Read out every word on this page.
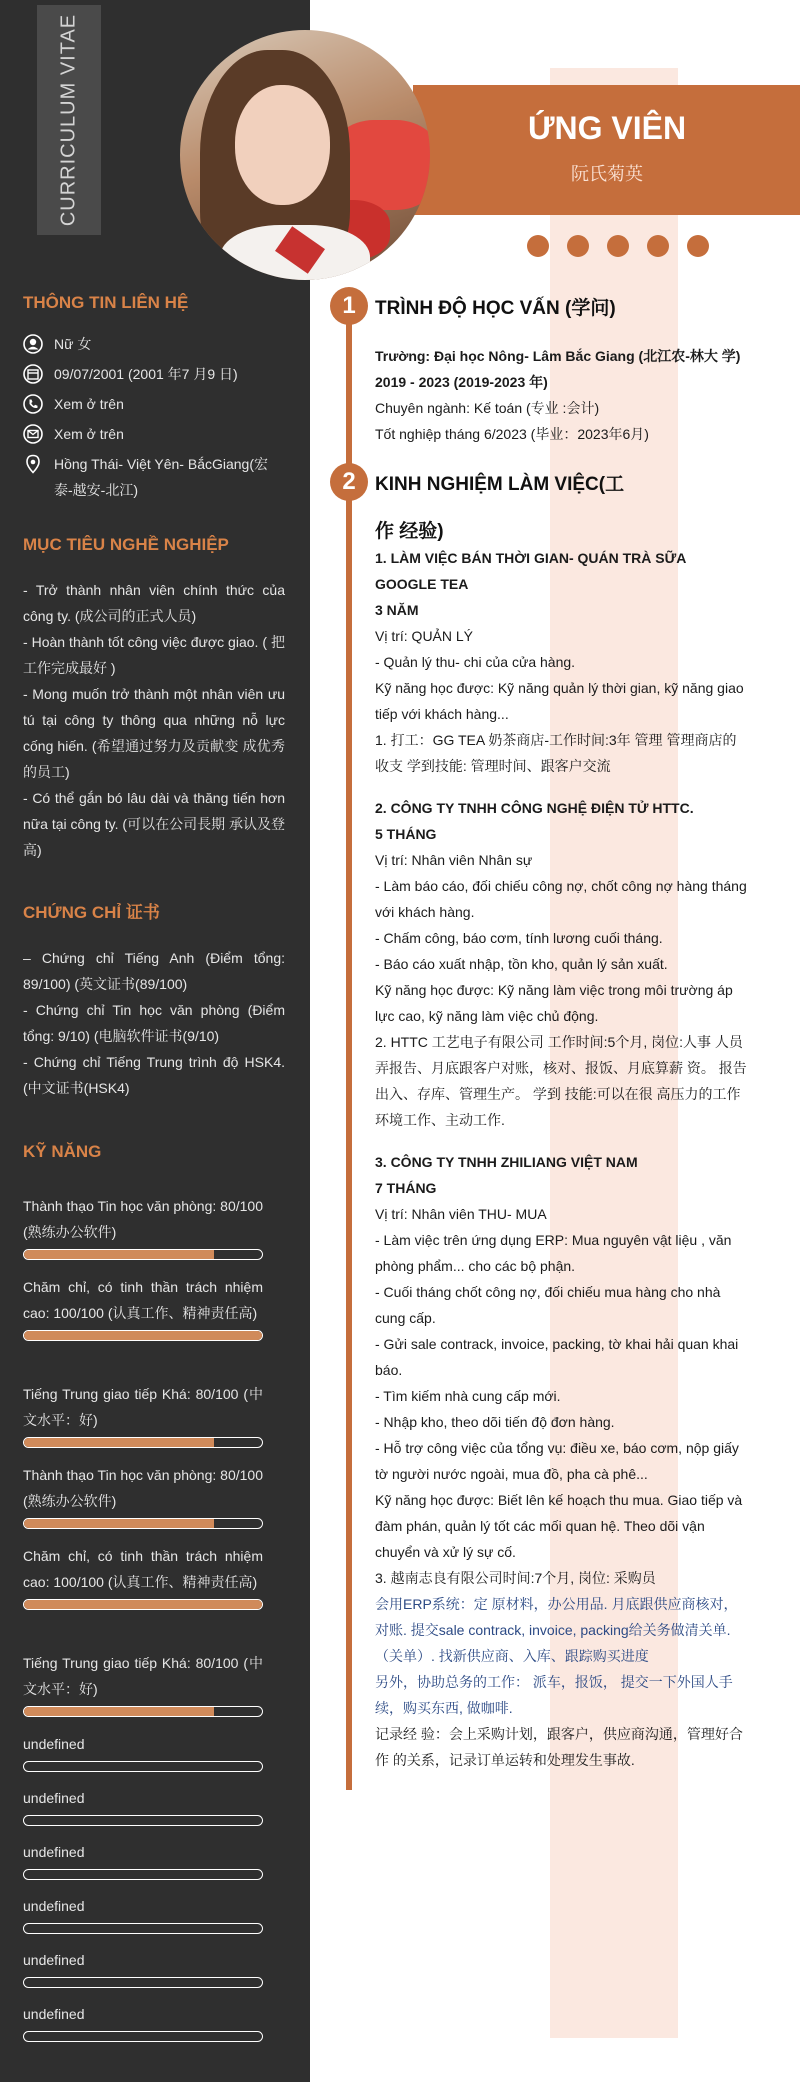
CURRICULUM VITAE	ỨNG VIÊN
阮氏菊英
THÔNG TIN LIÊN HỆ
Nữ 女
09/07/2001 (2001 年7 月9 日)
Xem ở trên
Xem ở trên
Hồng Thái- Việt Yên- BắcGiang(宏泰-越安-北江)
MỤC TIÊU NGHỀ NGHIỆP

- Trở thành nhân viên chính thức của công ty. (成公司的正式人员)

- Hoàn thành tốt công việc được giao. ( 把工作完成最好 )

- Mong muốn trở thành một nhân viên ưu tú tại công ty thông qua những nỗ lực cống hiến. (希望通过努力及贡献变 成优秀的员工)

- Có thể gắn bó lâu dài và thăng tiến hơn nữa tại công ty. (可以在公司長期 承认及登高)

CHỨNG CHỈ 证书

– Chứng chỉ Tiếng Anh (Điểm tổng: 89/100) (英文证书(89/100)

- Chứng chỉ Tin học văn phòng (Điểm tổng: 9/10) (电脑软件证书(9/10)

- Chứng chỉ Tiếng Trung trình độ HSK4. (中文证书(HSK4)

KỸ NĂNG
Thành thạo Tin học văn phòng: 80/100 (熟练办公软件)
Chăm chỉ, có tinh thần trách nhiệm cao: 100/100 (认真工作、精神责任高)
Tiếng Trung giao tiếp Khá: 80/100 (中文水平：好)
Thành thạo Tin học văn phòng: 80/100 (熟练办公软件)
Chăm chỉ, có tinh thần trách nhiệm cao: 100/100 (认真工作、精神责任高)
Tiếng Trung giao tiếp Khá: 80/100 (中文水平：好)
undefined
undefined
undefined
undefined
undefined
undefined
1	TRÌNH ĐỘ HỌC VẤN (学问)

Trường: Đại học Nông- Lâm Bắc Giang (北江农-林大 学)

2019 - 2023 (2019-2023 年)

Chuyên ngành: Kế toán (专业 :会计)

Tốt nghiệp tháng 6/2023 (毕业：2023年6月)

2	KINH NGHIỆM LÀM VIỆC(工
作 经验)

1. LÀM VIỆC BÁN THỜI GIAN- QUÁN TRÀ SỮA GOOGLE TEA

3 NĂM

Vị trí: QUẢN LÝ

- Quản lý thu- chi của cửa hàng.

Kỹ năng học được: Kỹ năng quản lý thời gian, kỹ năng giao tiếp với khách hàng...

1. 打工：GG TEA 奶茶商店-工作时间:3年 管理 管理商店的收支 学到技能: 管理时间、跟客户交流

2. CÔNG TY TNHH CÔNG NGHỆ ĐIỆN TỬ HTTC.

5 THÁNG

Vị trí: Nhân viên Nhân sự

- Làm báo cáo, đối chiếu công nợ, chốt công nợ hàng tháng với khách hàng.

- Chấm công, báo cơm, tính lương cuối tháng.

- Báo cáo xuất nhập, tồn kho, quản lý sản xuất.

Kỹ năng học được: Kỹ năng làm việc trong môi trường áp lực cao, kỹ năng làm việc chủ động.

2. HTTC 工艺电子有限公司 工作时间:5个月, 岗位:人事 人员弄报告、月底跟客户对账，核对、报饭、月底算薪 资。 报告出入、存库、管理生产。 学到 技能:可以在很 高压力的工作环境工作、主动工作.

3. CÔNG TY TNHH ZHILIANG VIỆT NAM

7 THÁNG

Vị trí: Nhân viên THU- MUA

- Làm việc trên ứng dụng ERP: Mua nguyên vật liệu , văn phòng phẩm... cho các bộ phận.

- Cuối tháng chốt công nợ, đối chiếu mua hàng cho nhà cung cấp.

- Gửi sale contrack, invoice, packing, tờ khai hải quan khai báo.

- Tìm kiếm nhà cung cấp mới.

- Nhập kho, theo dõi tiến độ đơn hàng.

- Hỗ trợ công việc của tổng vụ: điều xe, báo cơm, nộp giấy tờ người nước ngoài, mua đồ, pha cà phê...

Kỹ năng học được: Biết lên kế hoạch thu mua. Giao tiếp và đàm phán, quản lý tốt các mối quan hệ. Theo dõi vận chuyển và xử lý sự cố.

3. 越南志良有限公司时间:7个月, 岗位: 采购员

会用ERP系统：定 原材料，办公用品. 月底跟供应商核对，对账. 提交sale contrack, invoice, packing给关务做清关单.（关单）. 找新供应商、入库、跟踪购买进度

另外，协助总务的工作： 派车，报饭， 提交一下外国人手续，购买东西, 做咖啡.

记录经 验：会上采购计划，跟客户，供应商沟通，管理好合作 的关系，记录订单运转和处理发生事故.
